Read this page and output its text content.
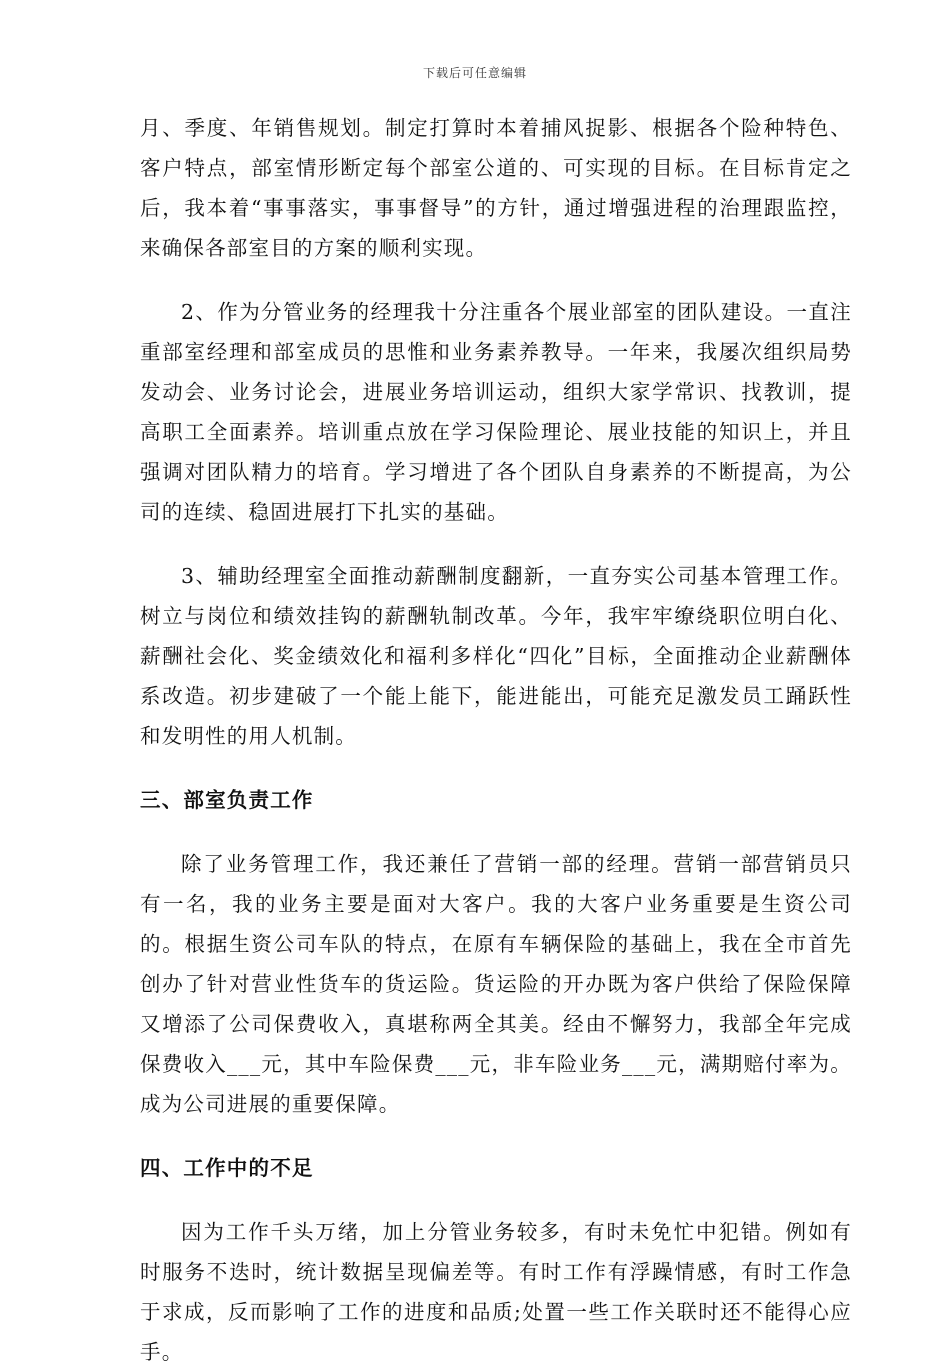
下载后可任意编辑

月、季度、年销售规划。制定打算时本着捕风捉影、根据各个险种特色、客户特点，部室情形断定每个部室公道的、可实现的目标。在目标肯定之后，我本着“事事落实，事事督导”的方针，通过增强进程的治理跟监控，来确保各部室目的方案的顺利实现。

2、作为分管业务的经理我十分注重各个展业部室的团队建设。一直注重部室经理和部室成员的思惟和业务素养教导。一年来，我屡次组织局势发动会、业务讨论会，进展业务培训运动，组织大家学常识、找教训，提高职工全面素养。培训重点放在学习保险理论、展业技能的知识上，并且强调对团队精力的培育。学习增进了各个团队自身素养的不断提高，为公司的连续、稳固进展打下扎实的基础。

3、辅助经理室全面推动薪酬制度翻新，一直夯实公司基本管理工作。树立与岗位和绩效挂钩的薪酬轨制改革。今年，我牢牢缭绕职位明白化、薪酬社会化、奖金绩效化和福利多样化“四化”目标，全面推动企业薪酬体系改造。初步建破了一个能上能下，能进能出，可能充足激发员工踊跃性和发明性的用人机制。

三、部室负责工作

除了业务管理工作，我还兼任了营销一部的经理。营销一部营销员只有一名，我的业务主要是面对大客户。我的大客户业务重要是生资公司的。根据生资公司车队的特点，在原有车辆保险的基础上，我在全市首先创办了针对营业性货车的货运险。货运险的开办既为客户供给了保险保障又增添了公司保费收入，真堪称两全其美。经由不懈努力，我部全年完成保费收入___元，其中车险保费___元，非车险业务___元，满期赔付率为。成为公司进展的重要保障。

四、工作中的不足

因为工作千头万绪，加上分管业务较多，有时未免忙中犯错。例如有时服务不迭时，统计数据呈现偏差等。有时工作有浮躁情感，有时工作急于求成，反而影响了工作的进度和品质;处置一些工作关联时还不能得心应手。
